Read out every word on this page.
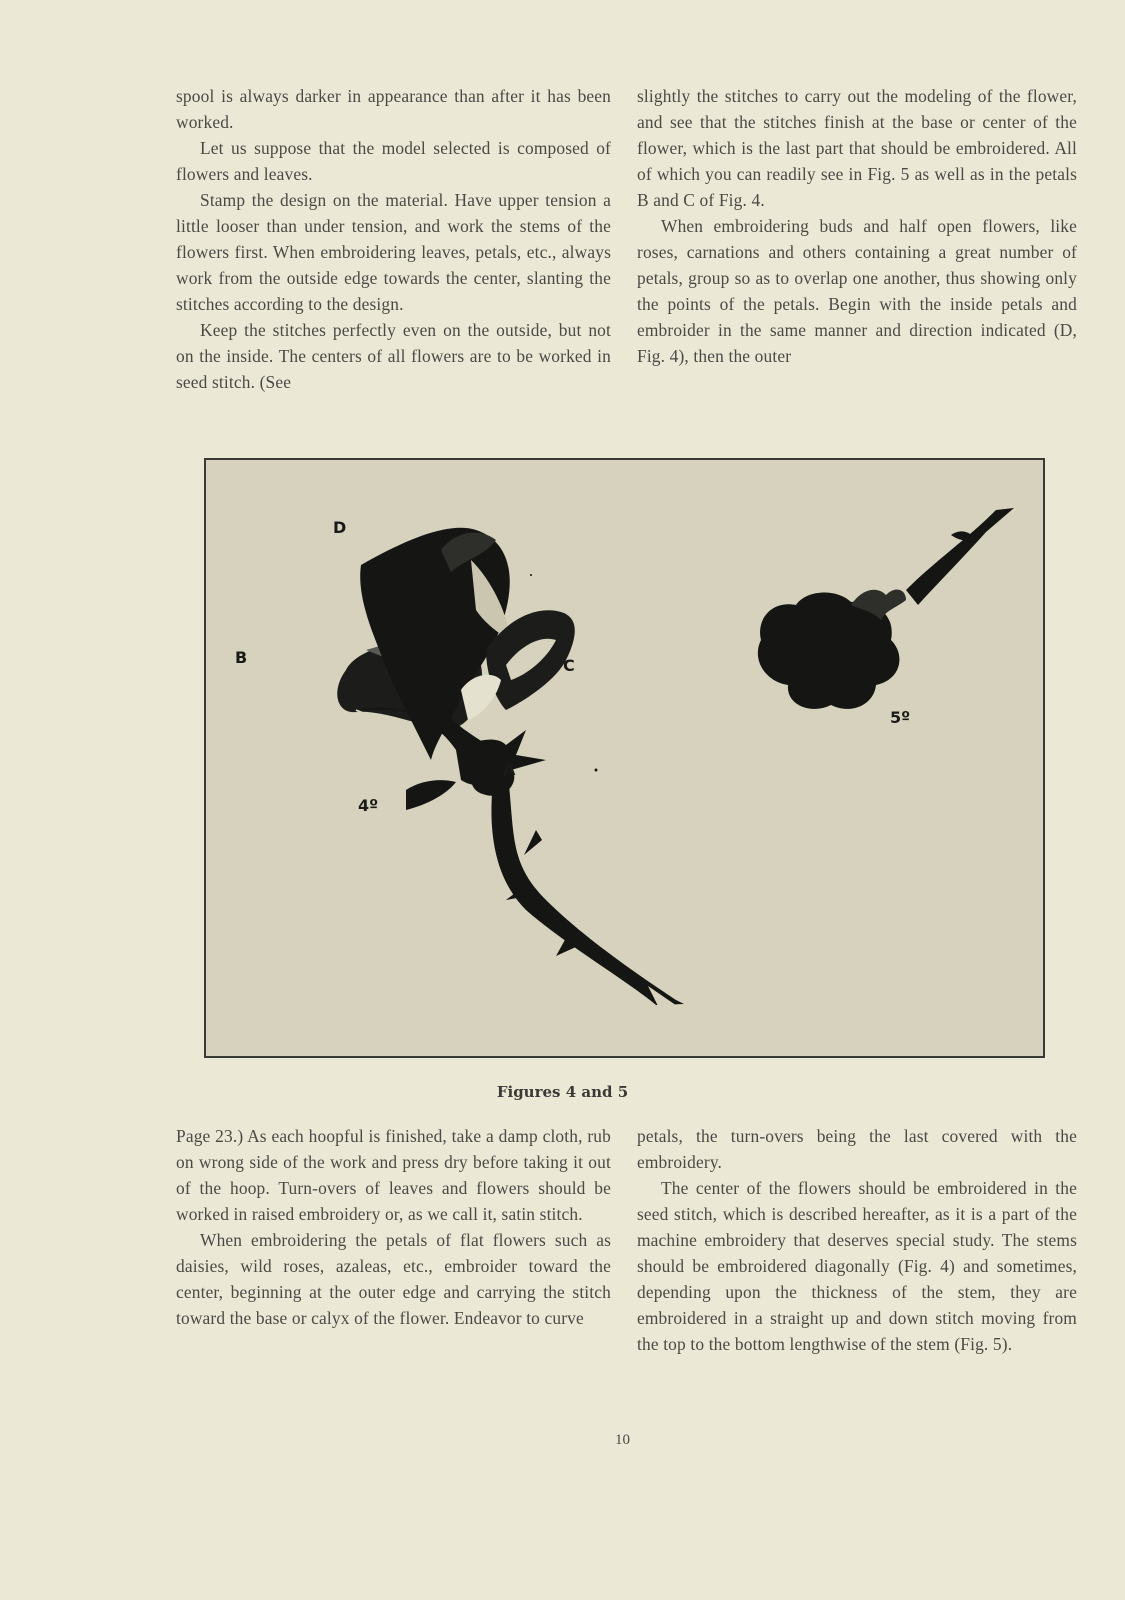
spool is always darker in appearance than after it has been worked.

Let us suppose that the model selected is composed of flowers and leaves.

Stamp the design on the material. Have upper tension a little looser than under tension, and work the stems of the flowers first. When embroidering leaves, petals, etc., always work from the outside edge towards the center, slanting the stitches according to the design.

Keep the stitches perfectly even on the outside, but not on the inside. The centers of all flowers are to be worked in seed stitch. (See

slightly the stitches to carry out the modeling of the flower, and see that the stitches finish at the base or center of the flower, which is the last part that should be embroidered. All of which you can readily see in Fig. 5 as well as in the petals B and C of Fig. 4.

When embroidering buds and half open flowers, like roses, carnations and others containing a great number of petals, group so as to overlap one another, thus showing only the points of the petals. Begin with the inside petals and embroider in the same manner and direction indicated (D, Fig. 4), then the outer

D
B	C
A
4º
5º
Figures 4 and 5

Page 23.) As each hoopful is finished, take a damp cloth, rub on wrong side of the work and press dry before taking it out of the hoop. Turn-overs of leaves and flowers should be worked in raised embroidery or, as we call it, satin stitch.

When embroidering the petals of flat flowers such as daisies, wild roses, azaleas, etc., embroider toward the center, beginning at the outer edge and carrying the stitch toward the base or calyx of the flower. Endeavor to curve

petals, the turn-overs being the last covered with the embroidery.

The center of the flowers should be embroidered in the seed stitch, which is described hereafter, as it is a part of the machine embroidery that deserves special study. The stems should be embroidered diagonally (Fig. 4) and sometimes, depending upon the thickness of the stem, they are embroidered in a straight up and down stitch moving from the top to the bottom lengthwise of the stem (Fig. 5).

10
